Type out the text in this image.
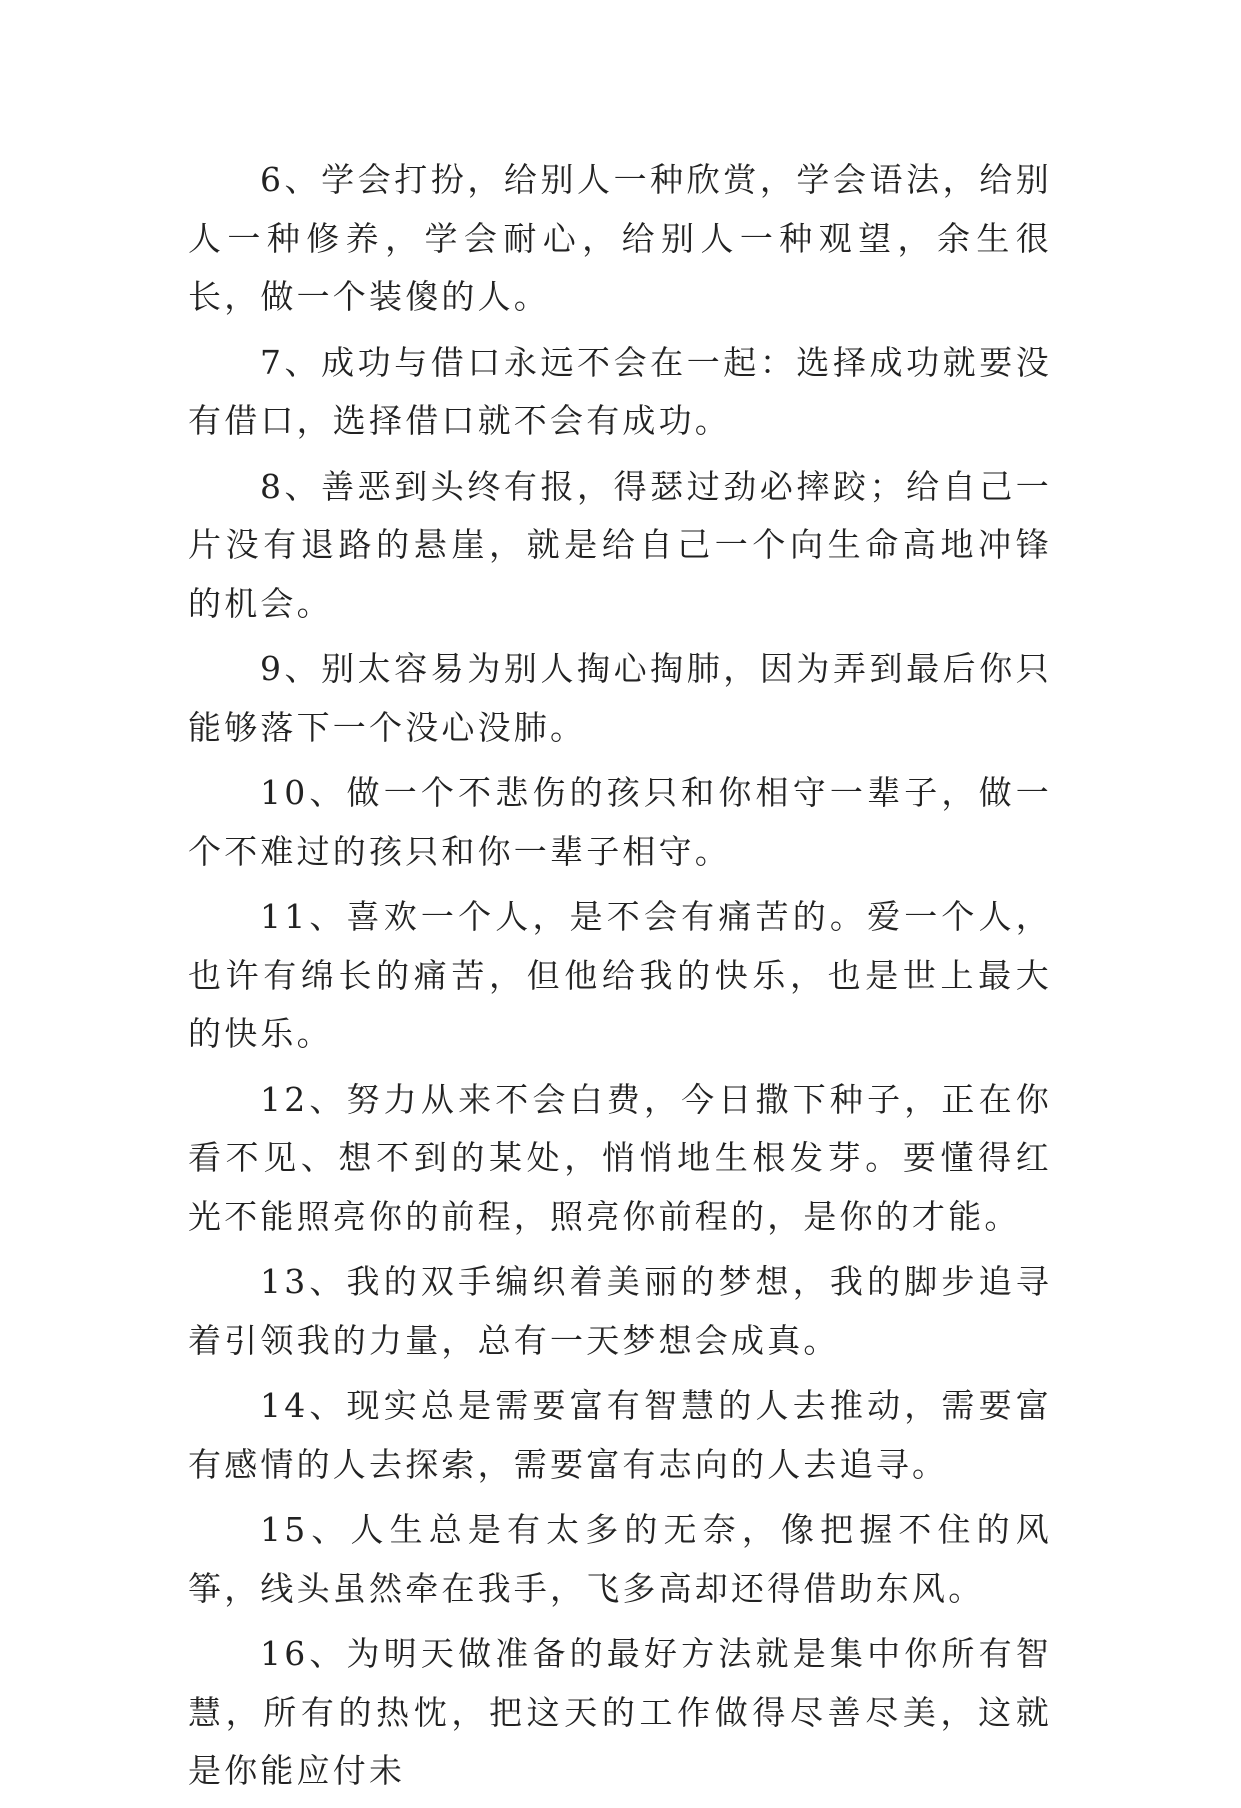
6、学会打扮，给别人一种欣赏，学会语法，给别人一种修养，学会耐心，给别人一种观望，余生很长，做一个装傻的人。

7、成功与借口永远不会在一起：选择成功就要没有借口，选择借口就不会有成功。

8、善恶到头终有报，得瑟过劲必摔跤；给自己一片没有退路的悬崖，就是给自己一个向生命高地冲锋的机会。

9、别太容易为别人掏心掏肺，因为弄到最后你只能够落下一个没心没肺。

10、做一个不悲伤的孩只和你相守一辈子，做一个不难过的孩只和你一辈子相守。

11、喜欢一个人，是不会有痛苦的。爱一个人，也许有绵长的痛苦，但他给我的快乐，也是世上最大的快乐。

12、努力从来不会白费，今日撒下种子，正在你看不见、想不到的某处，悄悄地生根发芽。要懂得红光不能照亮你的前程，照亮你前程的，是你的才能。

13、我的双手编织着美丽的梦想，我的脚步追寻着引领我的力量，总有一天梦想会成真。

14、现实总是需要富有智慧的人去推动，需要富有感情的人去探索，需要富有志向的人去追寻。

15、人生总是有太多的无奈，像把握不住的风筝，线头虽然牵在我手，飞多高却还得借助东风。

16、为明天做准备的最好方法就是集中你所有智慧，所有的热忱，把这天的工作做得尽善尽美，这就是你能应付未
